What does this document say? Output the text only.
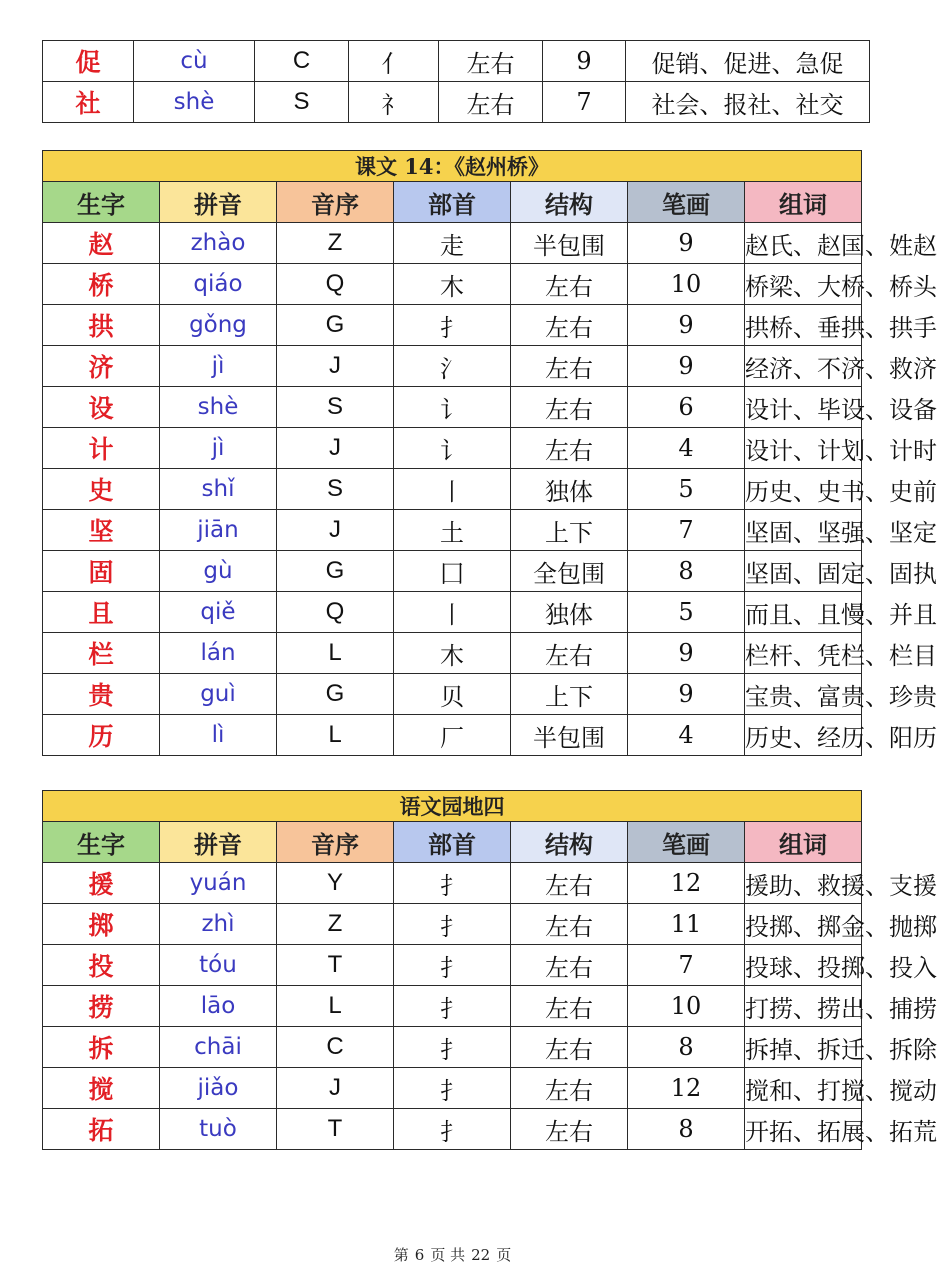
促	cù	C	亻	左右	9	促销、促进、急促
社	shè	S	礻	左右	7	社会、报社、社交
课文 14：《赵州桥》						
生字	拼音	音序	部首	结构	笔画	组词
赵	zhào	Z	走	半包围	9	赵氏、赵国、姓赵
桥	qiáo	Q	木	左右	10	桥梁、大桥、桥头
拱	gǒng	G	扌	左右	9	拱桥、垂拱、拱手
济	jì	J	氵	左右	9	经济、不济、救济
设	shè	S	讠	左右	6	设计、毕设、设备
计	jì	J	讠	左右	4	设计、计划、计时
史	shǐ	S	丨	独体	5	历史、史书、史前
坚	jiān	J	土	上下	7	坚固、坚强、坚定
固	gù	G	囗	全包围	8	坚固、固定、固执
且	qiě	Q	丨	独体	5	而且、且慢、并且
栏	lán	L	木	左右	9	栏杆、凭栏、栏目
贵	guì	G	贝	上下	9	宝贵、富贵、珍贵
历	lì	L	厂	半包围	4	历史、经历、阳历
语文园地四						
生字	拼音	音序	部首	结构	笔画	组词
援	yuán	Y	扌	左右	12	援助、救援、支援
掷	zhì	Z	扌	左右	11	投掷、掷金、抛掷
投	tóu	T	扌	左右	7	投球、投掷、投入
捞	lāo	L	扌	左右	10	打捞、捞出、捕捞
拆	chāi	C	扌	左右	8	拆掉、拆迁、拆除
搅	jiǎo	J	扌	左右	12	搅和、打搅、搅动
拓	tuò	T	扌	左右	8	开拓、拓展、拓荒
第 6 页 共 22 页
